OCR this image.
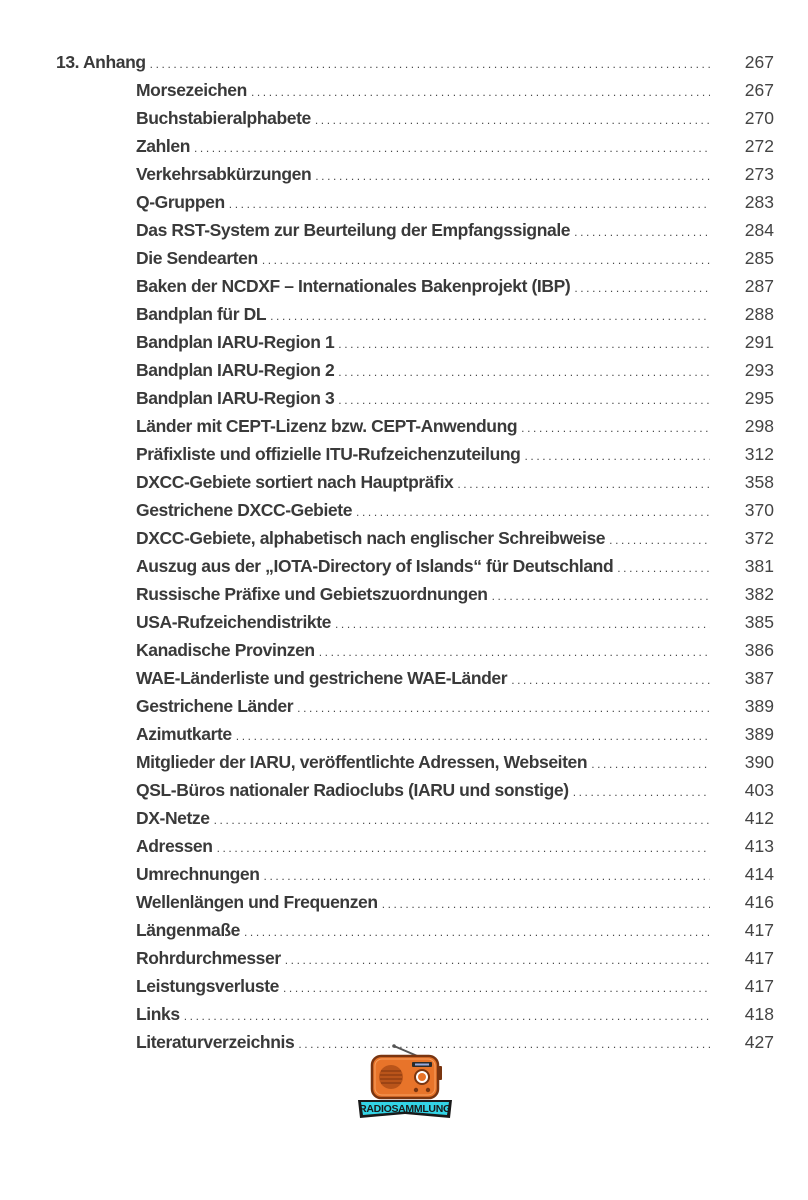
13. Anhang .....	267
Morsezeichen .....	267
Buchstabieralphabete .....	270
Zahlen .....	272
Verkehrsabkürzungen .....	273
Q-Gruppen .....	283
Das RST-System zur Beurteilung der Empfangssignale .....	284
Die Sendearten .....	285
Baken der NCDXF – Internationales Bakenprojekt (IBP) .....	287
Bandplan für DL .....	288
Bandplan IARU-Region 1 .....	291
Bandplan IARU-Region 2 .....	293
Bandplan IARU-Region 3 .....	295
Länder mit CEPT-Lizenz bzw. CEPT-Anwendung .....	298
Präfixliste und offizielle ITU-Rufzeichenzuteilung .....	312
DXCC-Gebiete sortiert nach Hauptpräfix .....	358
Gestrichene DXCC-Gebiete .....	370
DXCC-Gebiete, alphabetisch nach englischer Schreibweise .....	372
Auszug aus der „IOTA-Directory of Islands“ für Deutschland .....	381
Russische Präfixe und Gebietszuordnungen .....	382
USA-Rufzeichendistrikte .....	385
Kanadische Provinzen .....	386
WAE-Länderliste und gestrichene WAE-Länder .....	387
Gestrichene Länder .....	389
Azimutkarte .....	389
Mitglieder der IARU, veröffentlichte Adressen, Webseiten .....	390
QSL-Büros nationaler Radioclubs (IARU und sonstige) .....	403
DX-Netze .....	412
Adressen .....	413
Umrechnungen .....	414
Wellenlängen und Frequenzen .....	416
Längenmaße .....	417
Rohrdurchmesser .....	417
Leistungsverluste .....	417
Links .....	418
Literaturverzeichnis .....	427
RADIOSAMMLUNG
